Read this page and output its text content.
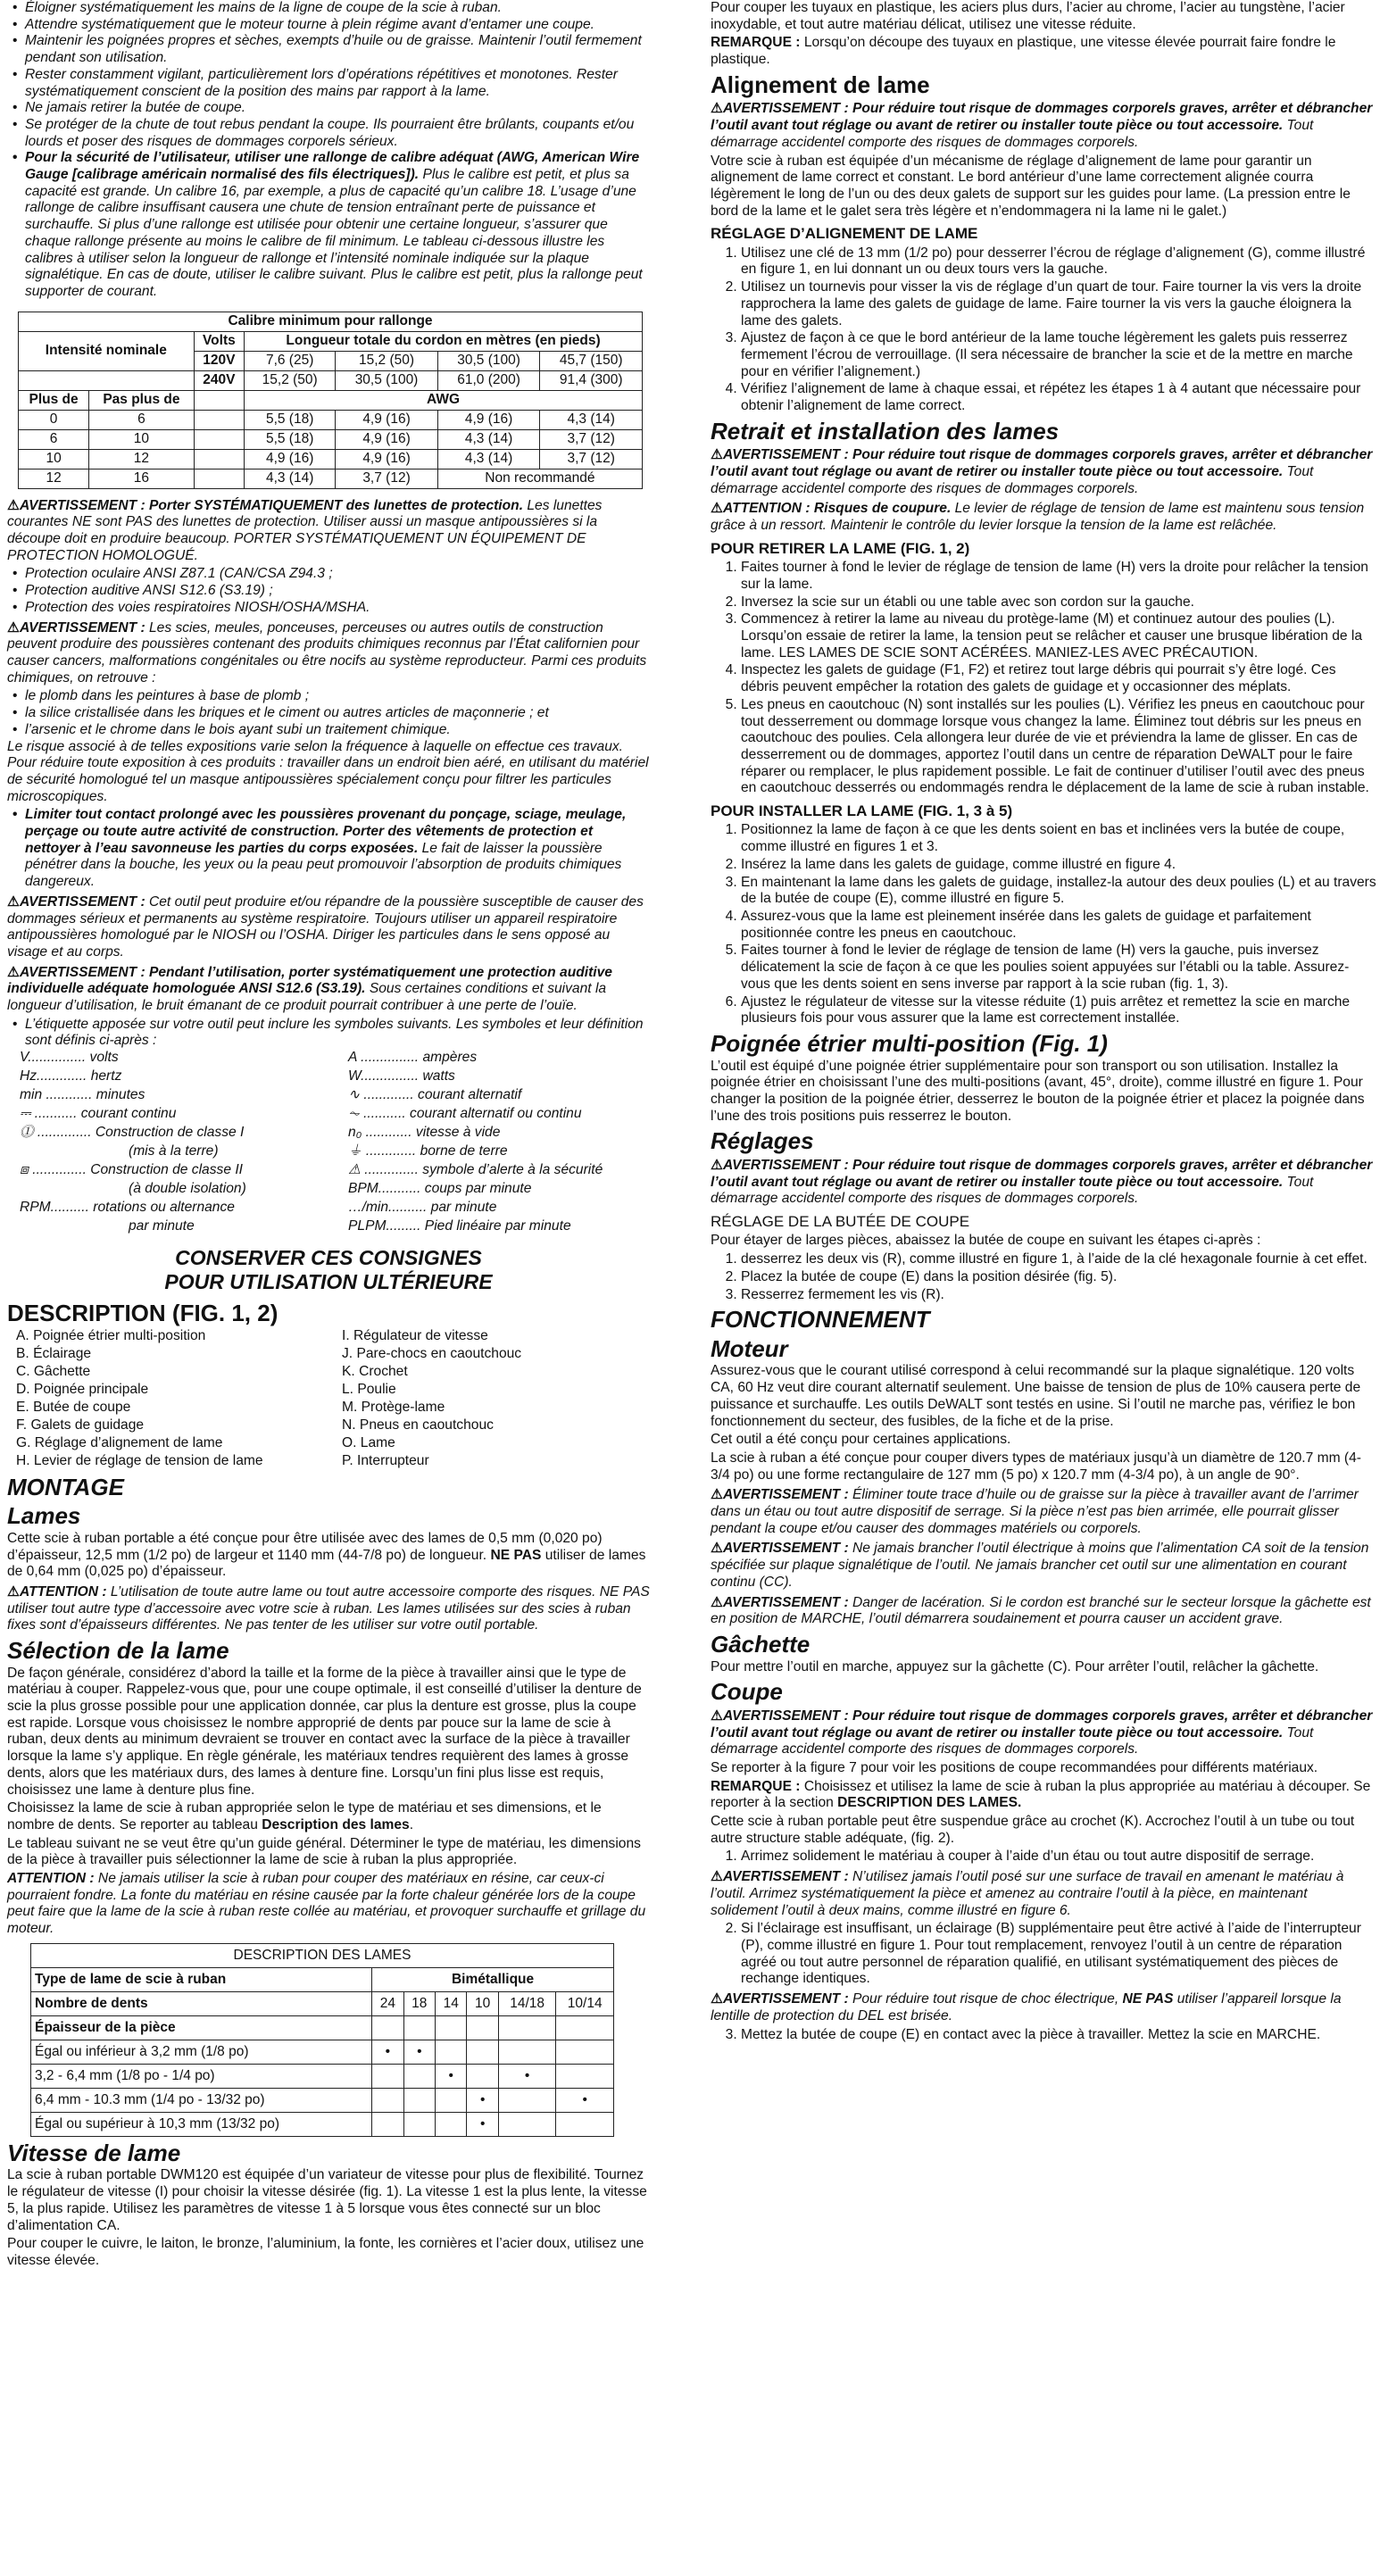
• Éloigner systématiquement les mains de la ligne de coupe de la scie à ruban.
• Attendre systématiquement que le moteur tourne à plein régime avant d’entamer une coupe.
• Maintenir les poignées propres et sèches, exempts d’huile ou de graisse. Maintenir l’outil fermement pendant son utilisation.
• Rester constamment vigilant, particulièrement lors d’opérations répétitives et monotones. Rester systématiquement conscient de la position des mains par rapport à la lame.
• Ne jamais retirer la butée de coupe.
• Se protéger de la chute de tout rebus pendant la coupe. Ils pourraient être brûlants, coupants et/ou lourds et poser des risques de dommages corporels sérieux.
• Pour la sécurité de l’utilisateur, utiliser une rallonge de calibre adéquat (AWG, American Wire Gauge [calibrage américain normalisé des fils électriques]). Plus le calibre est petit, et plus sa capacité est grande. Un calibre 16, par exemple, a plus de capacité qu’un calibre 18. L’usage d’une rallonge de calibre insuffisant causera une chute de tension entraînant perte de puissance et surchauffe. Si plus d’une rallonge est utilisée pour obtenir une certaine longueur, s’assurer que chaque rallonge présente au moins le calibre de fil minimum. Le tableau ci-dessous illustre les calibres à utiliser selon la longueur de rallonge et l’intensité nominale indiquée sur la plaque signalétique. En cas de doute, utiliser le calibre suivant. Plus le calibre est petit, plus la rallonge peut supporter de courant.
Calibre minimum pour rallonge						
Intensité nominale		Volts	Longueur totale du cordon en mètres (en pieds)			

		120V	7,6 (25)	15,2 (50)	30,5 (100)	45,7 (150)
		240V	15,2 (50)	30,5 (100)	61,0 (200)	91,4 (300)
Plus de	Pas plus de		AWG			
0	6		5,5 (18)	4,9 (16)	4,9 (16)	4,3 (14)
6	10		5,5 (18)	4,9 (16)	4,3 (14)	3,7 (12)
10	12		4,9 (16)	4,9 (16)	4,3 (14)	3,7 (12)
12	16		4,3 (14)	3,7 (12)	Non recommandé	

⚠AVERTISSEMENT : Porter SYSTÉMATIQUEMENT des lunettes de protection. Les lunettes courantes NE sont PAS des lunettes de protection. Utiliser aussi un masque antipoussières si la découpe doit en produire beaucoup. PORTER SYSTÉMATIQUEMENT UN ÉQUIPEMENT DE PROTECTION HOMOLOGUÉ.

• Protection oculaire ANSI Z87.1 (CAN/CSA Z94.3 ;
• Protection auditive ANSI S12.6 (S3.19) ;
• Protection des voies respiratoires NIOSH/OSHA/MSHA.

⚠AVERTISSEMENT : Les scies, meules, ponceuses, perceuses ou autres outils de construction peuvent produire des poussières contenant des produits chimiques reconnus par l’État californien pour causer cancers, malformations congénitales ou être nocifs au système reproducteur. Parmi ces produits chimiques, on retrouve :

• le plomb dans les peintures à base de plomb ;
• la silice cristallisée dans les briques et le ciment ou autres articles de maçonnerie ; et
• l’arsenic et le chrome dans le bois ayant subi un traitement chimique.

Le risque associé à de telles expositions varie selon la fréquence à laquelle on effectue ces travaux. Pour réduire toute exposition à ces produits : travailler dans un endroit bien aéré, en utilisant du matériel de sécurité homologué tel un masque antipoussières spécialement conçu pour filtrer les particules microscopiques.

• Limiter tout contact prolongé avec les poussières provenant du ponçage, sciage, meulage, perçage ou toute autre activité de construction. Porter des vêtements de protection et nettoyer à l’eau savonneuse les parties du corps exposées. Le fait de laisser la poussière pénétrer dans la bouche, les yeux ou la peau peut promouvoir l’absorption de produits chimiques dangereux.

⚠AVERTISSEMENT : Cet outil peut produire et/ou répandre de la poussière susceptible de causer des dommages sérieux et permanents au système respiratoire. Toujours utiliser un appareil respiratoire antipoussières homologué par le NIOSH ou l’OSHA. Diriger les particules dans le sens opposé au visage et au corps.

⚠AVERTISSEMENT : Pendant l’utilisation, porter systématiquement une protection auditive individuelle adéquate homologuée ANSI S12.6 (S3.19). Sous certaines conditions et suivant la longueur d’utilisation, le bruit émanant de ce produit pourrait contribuer à une perte de l’ouïe.

• L’étiquette apposée sur votre outil peut inclure les symboles suivants. Les symboles et leur définition sont définis ci-après :
V............... volts	A ............... ampères
Hz............. hertz	W............... watts
min ............ minutes	∿ ............. courant alternatif
⎓ ........... courant continu	⏦ ........... courant alternatif ou continu
⓵ .............. Construction de classe I	n₀ ............ vitesse à vide
(mis à la terre)	⏚ ............. borne de terre
⧈ .............. Construction de classe II	⚠ .............. symbole d’alerte à la sécurité
(à double isolation)	BPM........... coups par minute
RPM.......... rotations ou alternance	…/min.......... par minute
par minute	PLPM......... Pied linéaire par minute
CONSERVER CES CONSIGNES
POUR UTILISATION ULTÉRIEURE
DESCRIPTION (FIG. 1, 2)
A. Poignée étrier multi-position	I. Régulateur de vitesse
B. Éclairage	J. Pare-chocs en caoutchouc
C. Gâchette	K. Crochet
D. Poignée principale	L. Poulie
E. Butée de coupe	M. Protège-lame
F. Galets de guidage	N. Pneus en caoutchouc
G. Réglage d’alignement de lame	O. Lame
H. Levier de réglage de tension de lame	P. Interrupteur
MONTAGE
Lames

Cette scie à ruban portable a été conçue pour être utilisée avec des lames de 0,5 mm (0,020 po) d’épaisseur, 12,5 mm (1/2 po) de largeur et 1140 mm (44-7/8 po) de longueur. NE PAS utiliser de lames de 0,64 mm (0,025 po) d’épaisseur.

⚠ATTENTION : L’utilisation de toute autre lame ou tout autre accessoire comporte des risques. NE PAS utiliser tout autre type d’accessoire avec votre scie à ruban. Les lames utilisées sur des scies à ruban fixes sont d’épaisseurs différentes. Ne pas tenter de les utiliser sur votre outil portable.

Sélection de la lame

De façon générale, considérez d’abord la taille et la forme de la pièce à travailler ainsi que le type de matériau à couper. Rappelez-vous que, pour une coupe optimale, il est conseillé d’utiliser la denture de scie la plus grosse possible pour une application donnée, car plus la denture est grosse, plus la coupe est rapide. Lorsque vous choisissez le nombre approprié de dents par pouce sur la lame de scie à ruban, deux dents au minimum devraient se trouver en contact avec la surface de la pièce à travailler lorsque la lame s’y applique. En règle générale, les matériaux tendres requièrent des lames à grosse dents, alors que les matériaux durs, des lames à denture fine. Lorsqu’un fini plus lisse est requis, choisissez une lame à denture plus fine.

Choisissez la lame de scie à ruban appropriée selon le type de matériau et ses dimensions, et le nombre de dents. Se reporter au tableau Description des lames.

Le tableau suivant ne se veut être qu’un guide général. Déterminer le type de matériau, les dimensions de la pièce à travailler puis sélectionner la lame de scie à ruban la plus appropriée.

ATTENTION : Ne jamais utiliser la scie à ruban pour couper des matériaux en résine, car ceux-ci pourraient fondre. La fonte du matériau en résine causée par la forte chaleur générée lors de la coupe peut faire que la lame de la scie à ruban reste collée au matériau, et provoquer surchauffe et grillage du moteur.

DESCRIPTION DES LAMES						
Type de lame de scie à ruban	Bimétallique					
Nombre de dents	24	18	14	10	14/18	10/14
Épaisseur de la pièce						
Égal ou inférieur à 3,2 mm (1/8 po)	•	•				
3,2 - 6,4 mm (1/8 po - 1/4 po)			•		•	
6,4 mm - 10.3 mm (1/4 po - 13/32 po)				•		•
Égal ou supérieur à 10,3 mm (13/32 po)				•		
Vitesse de lame

La scie à ruban portable DWM120 est équipée d’un variateur de vitesse pour plus de flexibilité. Tournez le régulateur de vitesse (I) pour choisir la vitesse désirée (fig. 1). La vitesse 1 est la plus lente, la vitesse 5, la plus rapide. Utilisez les paramètres de vitesse 1 à 5 lorsque vous êtes connecté sur un bloc d’alimentation CA.

Pour couper le cuivre, le laiton, le bronze, l’aluminium, la fonte, les cornières et l’acier doux, utilisez une vitesse élevée.

Pour couper les tuyaux en plastique, les aciers plus durs, l’acier au chrome, l’acier au tungstène, l’acier inoxydable, et tout autre matériau délicat, utilisez une vitesse réduite.

REMARQUE : Lorsqu’on découpe des tuyaux en plastique, une vitesse élevée pourrait faire fondre le plastique.

Alignement de lame

⚠AVERTISSEMENT : Pour réduire tout risque de dommages corporels graves, arrêter et débrancher l’outil avant tout réglage ou avant de retirer ou installer toute pièce ou tout accessoire. Tout démarrage accidentel comporte des risques de dommages corporels.

Votre scie à ruban est équipée d’un mécanisme de réglage d’alignement de lame pour garantir un alignement de lame correct et constant. Le bord antérieur d’une lame correctement alignée courra légèrement le long de l’un ou des deux galets de support sur les guides pour lame. (La pression entre le bord de la lame et le galet sera très légère et n’endommagera ni la lame ni le galet.)

RÉGLAGE D’ALIGNEMENT DE LAME
1. Utilisez une clé de 13 mm (1/2 po) pour desserrer l’écrou de réglage d’alignement (G), comme illustré en figure 1, en lui donnant un ou deux tours vers la gauche.
2. Utilisez un tournevis pour visser la vis de réglage d’un quart de tour. Faire tourner la vis vers la droite rapprochera la lame des galets de guidage de lame. Faire tourner la vis vers la gauche éloignera la lame des galets.
3. Ajustez de façon à ce que le bord antérieur de la lame touche légèrement les galets puis resserrez fermement l’écrou de verrouillage. (Il sera nécessaire de brancher la scie et de la mettre en marche pour en vérifier l’alignement.)
4. Vérifiez l’alignement de lame à chaque essai, et répétez les étapes 1 à 4 autant que nécessaire pour obtenir l’alignement de lame correct.
Retrait et installation des lames

⚠AVERTISSEMENT : Pour réduire tout risque de dommages corporels graves, arrêter et débrancher l’outil avant tout réglage ou avant de retirer ou installer toute pièce ou tout accessoire. Tout démarrage accidentel comporte des risques de dommages corporels.

⚠ATTENTION : Risques de coupure. Le levier de réglage de tension de lame est maintenu sous tension grâce à un ressort. Maintenir le contrôle du levier lorsque la tension de la lame est relâchée.

POUR RETIRER LA LAME (FIG. 1, 2)
1. Faites tourner à fond le levier de réglage de tension de lame (H) vers la droite pour relâcher la tension sur la lame.
2. Inversez la scie sur un établi ou une table avec son cordon sur la gauche.
3. Commencez à retirer la lame au niveau du protège-lame (M) et continuez autour des poulies (L). Lorsqu’on essaie de retirer la lame, la tension peut se relâcher et causer une brusque libération de la lame. LES LAMES DE SCIE SONT ACÉRÉES. MANIEZ-LES AVEC PRÉCAUTION.
4. Inspectez les galets de guidage (F1, F2) et retirez tout large débris qui pourrait s’y être logé. Ces débris peuvent empêcher la rotation des galets de guidage et y occasionner des méplats.
5. Les pneus en caoutchouc (N) sont installés sur les poulies (L). Vérifiez les pneus en caoutchouc pour tout desserrement ou dommage lorsque vous changez la lame. Éliminez tout débris sur les pneus en caoutchouc des poulies. Cela allongera leur durée de vie et préviendra la lame de glisser. En cas de desserrement ou de dommages, apportez l’outil dans un centre de réparation DeWALT pour le faire réparer ou remplacer, le plus rapidement possible. Le fait de continuer d’utiliser l’outil avec des pneus en caoutchouc desserrés ou endommagés rendra le déplacement de la lame de scie à ruban instable.
POUR INSTALLER LA LAME (FIG. 1, 3 à 5)
1. Positionnez la lame de façon à ce que les dents soient en bas et inclinées vers la butée de coupe, comme illustré en figures 1 et 3.
2. Insérez la lame dans les galets de guidage, comme illustré en figure 4.
3. En maintenant la lame dans les galets de guidage, installez-la autour des deux poulies (L) et au travers de la butée de coupe (E), comme illustré en figure 5.
4. Assurez-vous que la lame est pleinement insérée dans les galets de guidage et parfaitement positionnée contre les pneus en caoutchouc.
5. Faites tourner à fond le levier de réglage de tension de lame (H) vers la gauche, puis inversez délicatement la scie de façon à ce que les poulies soient appuyées sur l’établi ou la table. Assurez-vous que les dents soient en sens inverse par rapport à la scie ruban (fig. 1, 3).
6. Ajustez le régulateur de vitesse sur la vitesse réduite (1) puis arrêtez et remettez la scie en marche plusieurs fois pour vous assurer que la lame est correctement installée.
Poignée étrier multi-position (Fig. 1)

L’outil est équipé d’une poignée étrier supplémentaire pour son transport ou son utilisation. Installez la poignée étrier en choisissant l’une des multi-positions (avant, 45°, droite), comme illustré en figure 1. Pour changer la position de la poignée étrier, desserrez le bouton de la poignée étrier et placez la poignée dans l’une des trois positions puis resserrez le bouton.

Réglages

⚠AVERTISSEMENT : Pour réduire tout risque de dommages corporels graves, arrêter et débrancher l’outil avant tout réglage ou avant de retirer ou installer toute pièce ou tout accessoire. Tout démarrage accidentel comporte des risques de dommages corporels.

RÉGLAGE DE LA BUTÉE DE COUPE

Pour étayer de larges pièces, abaissez la butée de coupe en suivant les étapes ci-après :

1. desserrez les deux vis (R), comme illustré en figure 1, à l’aide de la clé hexagonale fournie à cet effet.
2. Placez la butée de coupe (E) dans la position désirée (fig. 5).
3. Resserrez fermement les vis (R).
FONCTIONNEMENT
Moteur

Assurez-vous que le courant utilisé correspond à celui recommandé sur la plaque signalétique. 120 volts CA, 60 Hz veut dire courant alternatif seulement. Une baisse de tension de plus de 10% causera perte de puissance et surchauffe. Les outils DeWALT sont testés en usine. Si l’outil ne marche pas, vérifiez le bon fonctionnement du secteur, des fusibles, de la fiche et de la prise.

Cet outil a été conçu pour certaines applications.

La scie à ruban a été conçue pour couper divers types de matériaux jusqu’à un diamètre de 120.7 mm (4-3/4 po) ou une forme rectangulaire de 127 mm (5 po) x 120.7 mm (4-3/4 po), à un angle de 90°.

⚠AVERTISSEMENT : Éliminer toute trace d’huile ou de graisse sur la pièce à travailler avant de l’arrimer dans un étau ou tout autre dispositif de serrage. Si la pièce n’est pas bien arrimée, elle pourrait glisser pendant la coupe et/ou causer des dommages matériels ou corporels.

⚠AVERTISSEMENT : Ne jamais brancher l’outil électrique à moins que l’alimentation CA soit de la tension spécifiée sur plaque signalétique de l’outil. Ne jamais brancher cet outil sur une alimentation en courant continu (CC).

⚠AVERTISSEMENT : Danger de lacération. Si le cordon est branché sur le secteur lorsque la gâchette est en position de MARCHE, l’outil démarrera soudainement et pourra causer un accident grave.

Gâchette

Pour mettre l’outil en marche, appuyez sur la gâchette (C). Pour arrêter l’outil, relâcher la gâchette.

Coupe

⚠AVERTISSEMENT : Pour réduire tout risque de dommages corporels graves, arrêter et débrancher l’outil avant tout réglage ou avant de retirer ou installer toute pièce ou tout accessoire. Tout démarrage accidentel comporte des risques de dommages corporels.

Se reporter à la figure 7 pour voir les positions de coupe recommandées pour différents matériaux.

REMARQUE : Choisissez et utilisez la lame de scie à ruban la plus appropriée au matériau à découper. Se reporter à la section DESCRIPTION DES LAMES.

Cette scie à ruban portable peut être suspendue grâce au crochet (K). Accrochez l’outil à un tube ou tout autre structure stable adéquate, (fig. 2).

1. Arrimez solidement le matériau à couper à l’aide d’un étau ou tout autre dispositif de serrage.

⚠AVERTISSEMENT : N’utilisez jamais l’outil posé sur une surface de travail en amenant le matériau à l’outil. Arrimez systématiquement la pièce et amenez au contraire l’outil à la pièce, en maintenant solidement l’outil à deux mains, comme illustré en figure 6.

2. Si l’éclairage est insuffisant, un éclairage (B) supplémentaire peut être activé à l’aide de l’interrupteur (P), comme illustré en figure 1. Pour tout remplacement, renvoyez l’outil à un centre de réparation agréé ou tout autre personnel de réparation qualifié, en utilisant systématiquement des pièces de rechange identiques.

⚠AVERTISSEMENT : Pour réduire tout risque de choc électrique, NE PAS utiliser l’appareil lorsque la lentille de protection du DEL est brisée.

3. Mettez la butée de coupe (E) en contact avec la pièce à travailler. Mettez la scie en MARCHE.
